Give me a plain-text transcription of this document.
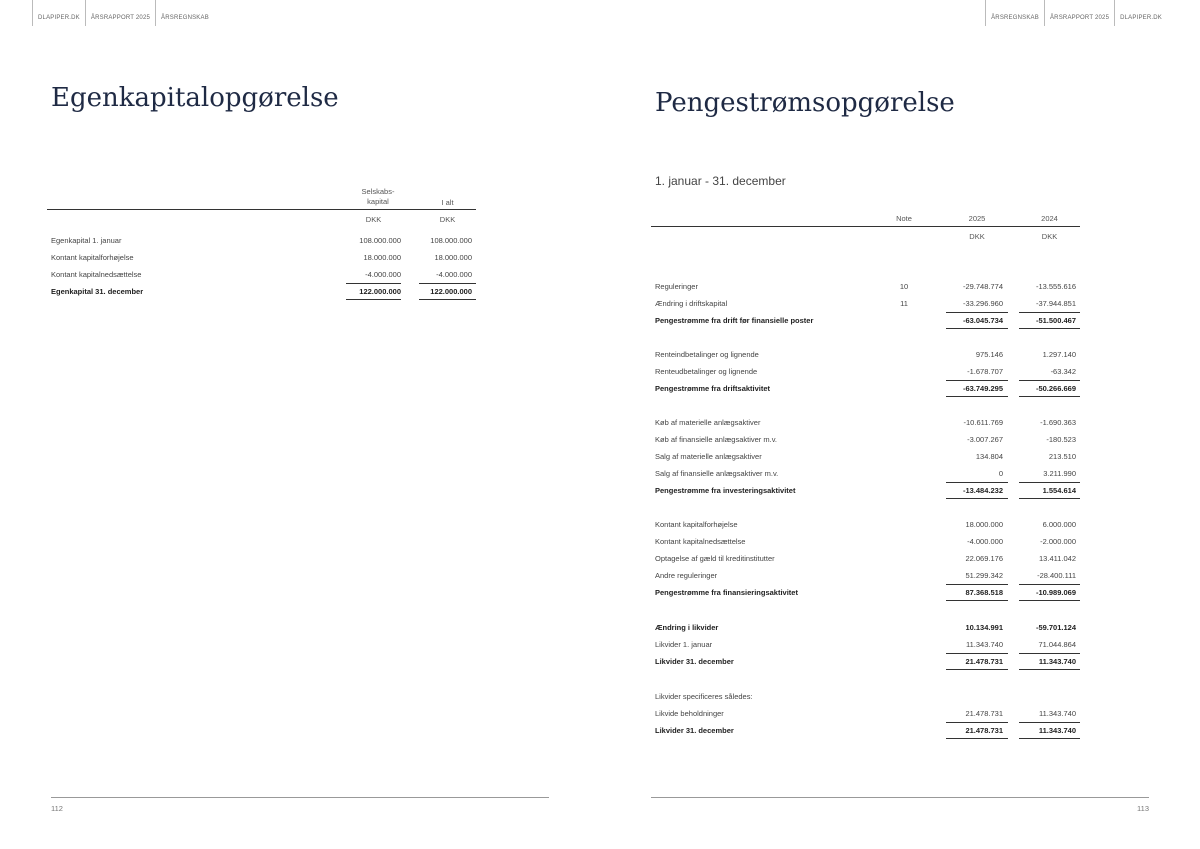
DLAPIPER.DK	ÅRSRAPPORT 2025	ÅRSREGNSKAB	ÅRSREGNSKAB	ÅRSRAPPORT 2025	DLAPIPER.DK
Egenkapitalopgørelse
Selskabs-
kapital	I alt
DKK	DKK
Egenkapital 1. januar	108.000.000	108.000.000
Kontant kapitalforhøjelse	18.000.000	18.000.000
Kontant kapitalnedsættelse	-4.000.000	-4.000.000
Egenkapital 31. december	122.000.000	122.000.000
Pengestrømsopgørelse
1. januar - 31. december
Note	2025	2024
DKK	DKK
Reguleringer	10	-29.748.774	-13.555.616
Ændring i driftskapital	11	-33.296.960	-37.944.851
Pengestrømme fra drift før finansielle poster	-63.045.734	-51.500.467
Renteindbetalinger og lignende	975.146	1.297.140
Renteudbetalinger og lignende	-1.678.707	-63.342
Pengestrømme fra driftsaktivitet	-63.749.295	-50.266.669
Køb af materielle anlægsaktiver	-10.611.769	-1.690.363
Køb af finansielle anlægsaktiver m.v.	-3.007.267	-180.523
Salg af materielle anlægsaktiver	134.804	213.510
Salg af finansielle anlægsaktiver m.v.	0	3.211.990
Pengestrømme fra investeringsaktivitet	-13.484.232	1.554.614
Kontant kapitalforhøjelse	18.000.000	6.000.000
Kontant kapitalnedsættelse	-4.000.000	-2.000.000
Optagelse af gæld til kreditinstitutter	22.069.176	13.411.042
Andre reguleringer	51.299.342	-28.400.111
Pengestrømme fra finansieringsaktivitet	87.368.518	-10.989.069
Ændring i likvider	10.134.991	-59.701.124
Likvider 1. januar	11.343.740	71.044.864
Likvider 31. december	21.478.731	11.343.740
Likvider specificeres således:
Likvide beholdninger	21.478.731	11.343.740
Likvider 31. december	21.478.731	11.343.740
112	113
